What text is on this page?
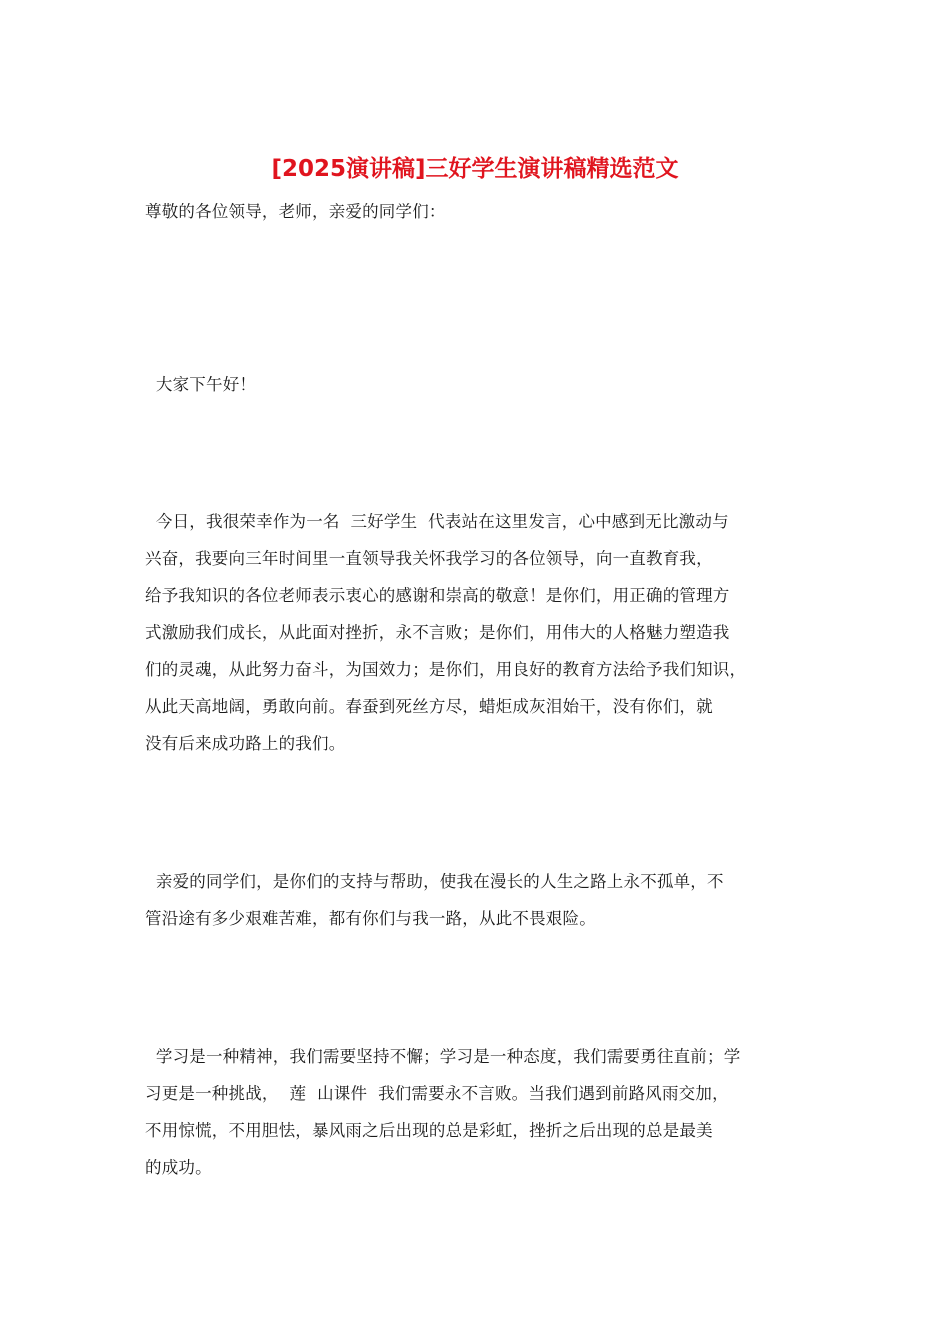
[2025演讲稿]三好学生演讲稿精选范文

尊敬的各位领导，老师，亲爱的同学们：

大家下午好！

今日，我很荣幸作为一名  三好学生  代表站在这里发言，心中感到无比激动与
兴奋，我要向三年时间里一直领导我关怀我学习的各位领导，向一直教育我，
给予我知识的各位老师表示衷心的感谢和崇高的敬意！是你们，用正确的管理方
式激励我们成长，从此面对挫折，永不言败；是你们，用伟大的人格魅力塑造我
们的灵魂，从此努力奋斗，为国效力；是你们，用良好的教育方法给予我们知识，
从此天高地阔，勇敢向前。春蚕到死丝方尽，蜡炬成灰泪始干，没有你们，就
没有后来成功路上的我们。

亲爱的同学们，是你们的支持与帮助，使我在漫长的人生之路上永不孤单，不
管沿途有多少艰难苦难，都有你们与我一路，从此不畏艰险。

学习是一种精神，我们需要坚持不懈；学习是一种态度，我们需要勇往直前；学
习更是一种挑战，  莲  山课件  我们需要永不言败。当我们遇到前路风雨交加，
不用惊慌，不用胆怯，暴风雨之后出现的总是彩虹，挫折之后出现的总是最美
的成功。
